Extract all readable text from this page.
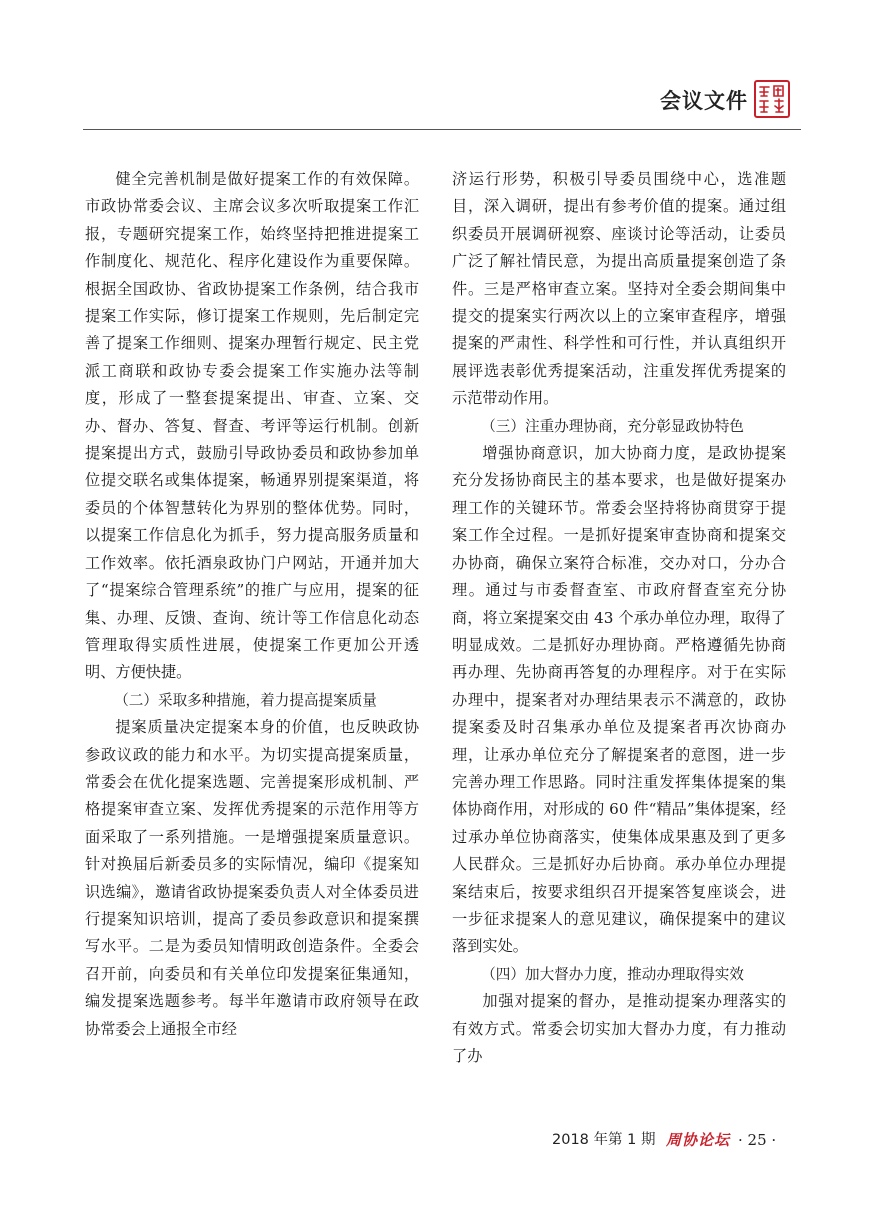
会议文件

健全完善机制是做好提案工作的有效保障。市政协常委会议、主席会议多次听取提案工作汇报，专题研究提案工作，始终坚持把推进提案工作制度化、规范化、程序化建设作为重要保障。根据全国政协、省政协提案工作条例，结合我市提案工作实际，修订提案工作规则，先后制定完善了提案工作细则、提案办理暂行规定、民主党派工商联和政协专委会提案工作实施办法等制度，形成了一整套提案提出、审查、立案、交办、督办、答复、督查、考评等运行机制。创新提案提出方式，鼓励引导政协委员和政协参加单位提交联名或集体提案，畅通界别提案渠道，将委员的个体智慧转化为界别的整体优势。同时，以提案工作信息化为抓手，努力提高服务质量和工作效率。依托酒泉政协门户网站，开通并加大了“提案综合管理系统”的推广与应用，提案的征集、办理、反馈、查询、统计等工作信息化动态管理取得实质性进展，使提案工作更加公开透明、方便快捷。

（二）采取多种措施，着力提高提案质量

提案质量决定提案本身的价值，也反映政协参政议政的能力和水平。为切实提高提案质量，常委会在优化提案选题、完善提案形成机制、严格提案审查立案、发挥优秀提案的示范作用等方面采取了一系列措施。一是增强提案质量意识。针对换届后新委员多的实际情况，编印《提案知识选编》，邀请省政协提案委负责人对全体委员进行提案知识培训，提高了委员参政意识和提案撰写水平。二是为委员知情明政创造条件。全委会召开前，向委员和有关单位印发提案征集通知，编发提案选题参考。每半年邀请市政府领导在政协常委会上通报全市经

济运行形势，积极引导委员围绕中心，选准题目，深入调研，提出有参考价值的提案。通过组织委员开展调研视察、座谈讨论等活动，让委员广泛了解社情民意，为提出高质量提案创造了条件。三是严格审查立案。坚持对全委会期间集中提交的提案实行两次以上的立案审查程序，增强提案的严肃性、科学性和可行性，并认真组织开展评选表彰优秀提案活动，注重发挥优秀提案的示范带动作用。

（三）注重办理协商，充分彰显政协特色

增强协商意识，加大协商力度，是政协提案充分发扬协商民主的基本要求，也是做好提案办理工作的关键环节。常委会坚持将协商贯穿于提案工作全过程。一是抓好提案审查协商和提案交办协商，确保立案符合标准，交办对口，分办合理。通过与市委督查室、市政府督查室充分协商，将立案提案交由 43 个承办单位办理，取得了明显成效。二是抓好办理协商。严格遵循先协商再办理、先协商再答复的办理程序。对于在实际办理中，提案者对办理结果表示不满意的，政协提案委及时召集承办单位及提案者再次协商办理，让承办单位充分了解提案者的意图，进一步完善办理工作思路。同时注重发挥集体提案的集体协商作用，对形成的 60 件“精品”集体提案，经过承办单位协商落实，使集体成果惠及到了更多人民群众。三是抓好办后协商。承办单位办理提案结束后，按要求组织召开提案答复座谈会，进一步征求提案人的意见建议，确保提案中的建议落到实处。

（四）加大督办力度，推动办理取得实效

加强对提案的督办，是推动提案办理落实的有效方式。常委会切实加大督办力度，有力推动了办

2018 年第 1 期 周协论坛 · 25 ·
